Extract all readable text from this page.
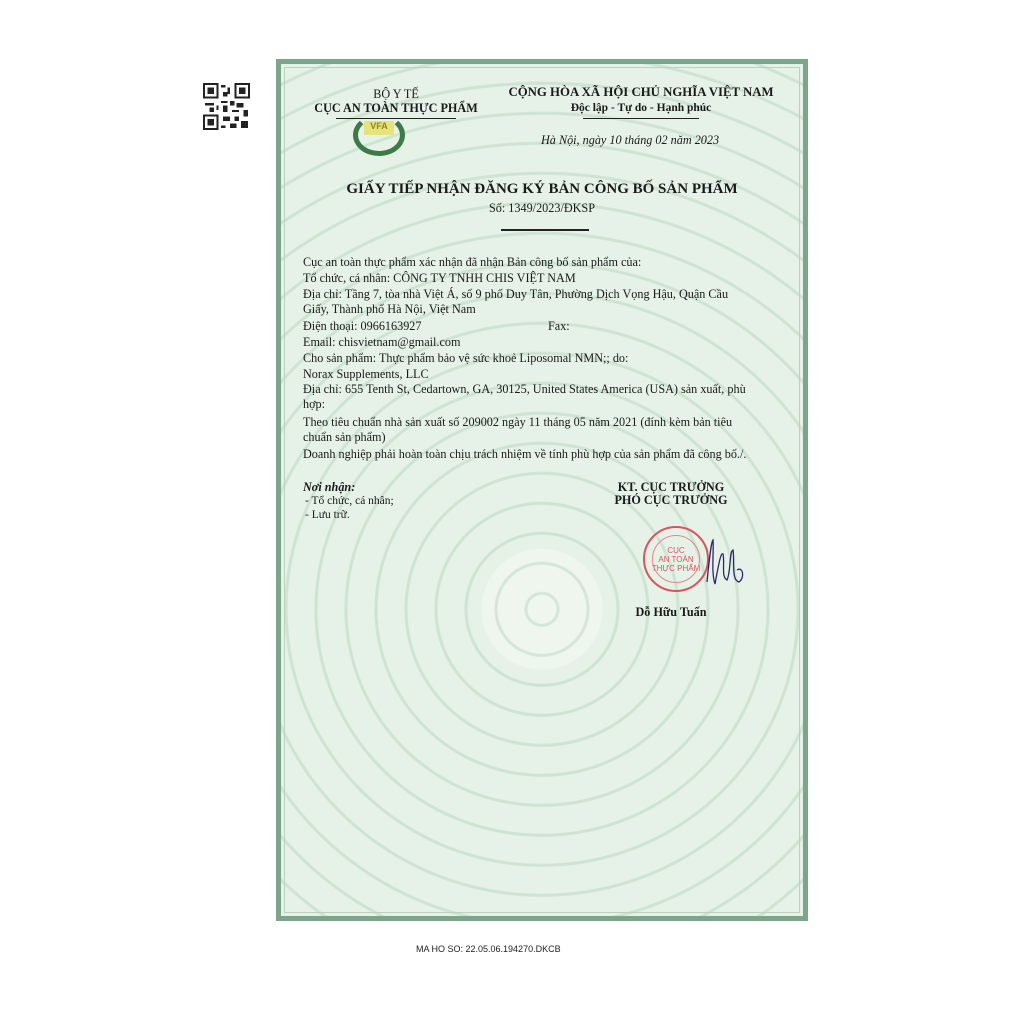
BỘ Y TẾ
CỤC AN TOÀN THỰC PHẨM
VFA
CỘNG HÒA XÃ HỘI CHỦ NGHĨA VIỆT NAM
Độc lập - Tự do - Hạnh phúc
Hà Nội, ngày 10 tháng 02 năm 2023
GIẤY TIẾP NHẬN ĐĂNG KÝ BẢN CÔNG BỐ SẢN PHẨM
Số: 1349/2023/ĐKSP
Cục an toàn thực phẩm xác nhận đã nhận Bản công bố sản phẩm của:
Tổ chức, cá nhân: CÔNG TY TNHH CHIS VIỆT NAM
Địa chỉ: Tầng 7, tòa nhà Việt Á, số 9 phố Duy Tân, Phường Dịch Vọng Hậu, Quận Cầu
Giấy, Thành phố Hà Nội, Việt Nam
Điện thoại: 0966163927	Fax:
Email: chisvietnam@gmail.com
Cho sản phẩm: Thực phẩm bảo vệ sức khoẻ Liposomal NMN;; do:
Norax Supplements, LLC
Địa chỉ: 655 Tenth St, Cedartown, GA, 30125, United States America (USA) sản xuất, phù
hợp:
Theo tiêu chuẩn nhà sản xuất số 209002 ngày 11 tháng 05 năm 2021 (đính kèm bản tiêu
chuẩn sản phẩm)
Doanh nghiệp phải hoàn toàn chịu trách nhiệm về tính phù hợp của sản phẩm đã công bố./.
Nơi nhận:
- Tổ chức, cá nhân;
- Lưu trữ.
KT. CỤC TRƯỞNG
PHÓ CỤC TRƯỞNG
CỤC
AN TOÀN
THỰC PHẨM
Dỗ Hữu Tuấn
MA HO SO: 22.05.06.194270.DKCB
